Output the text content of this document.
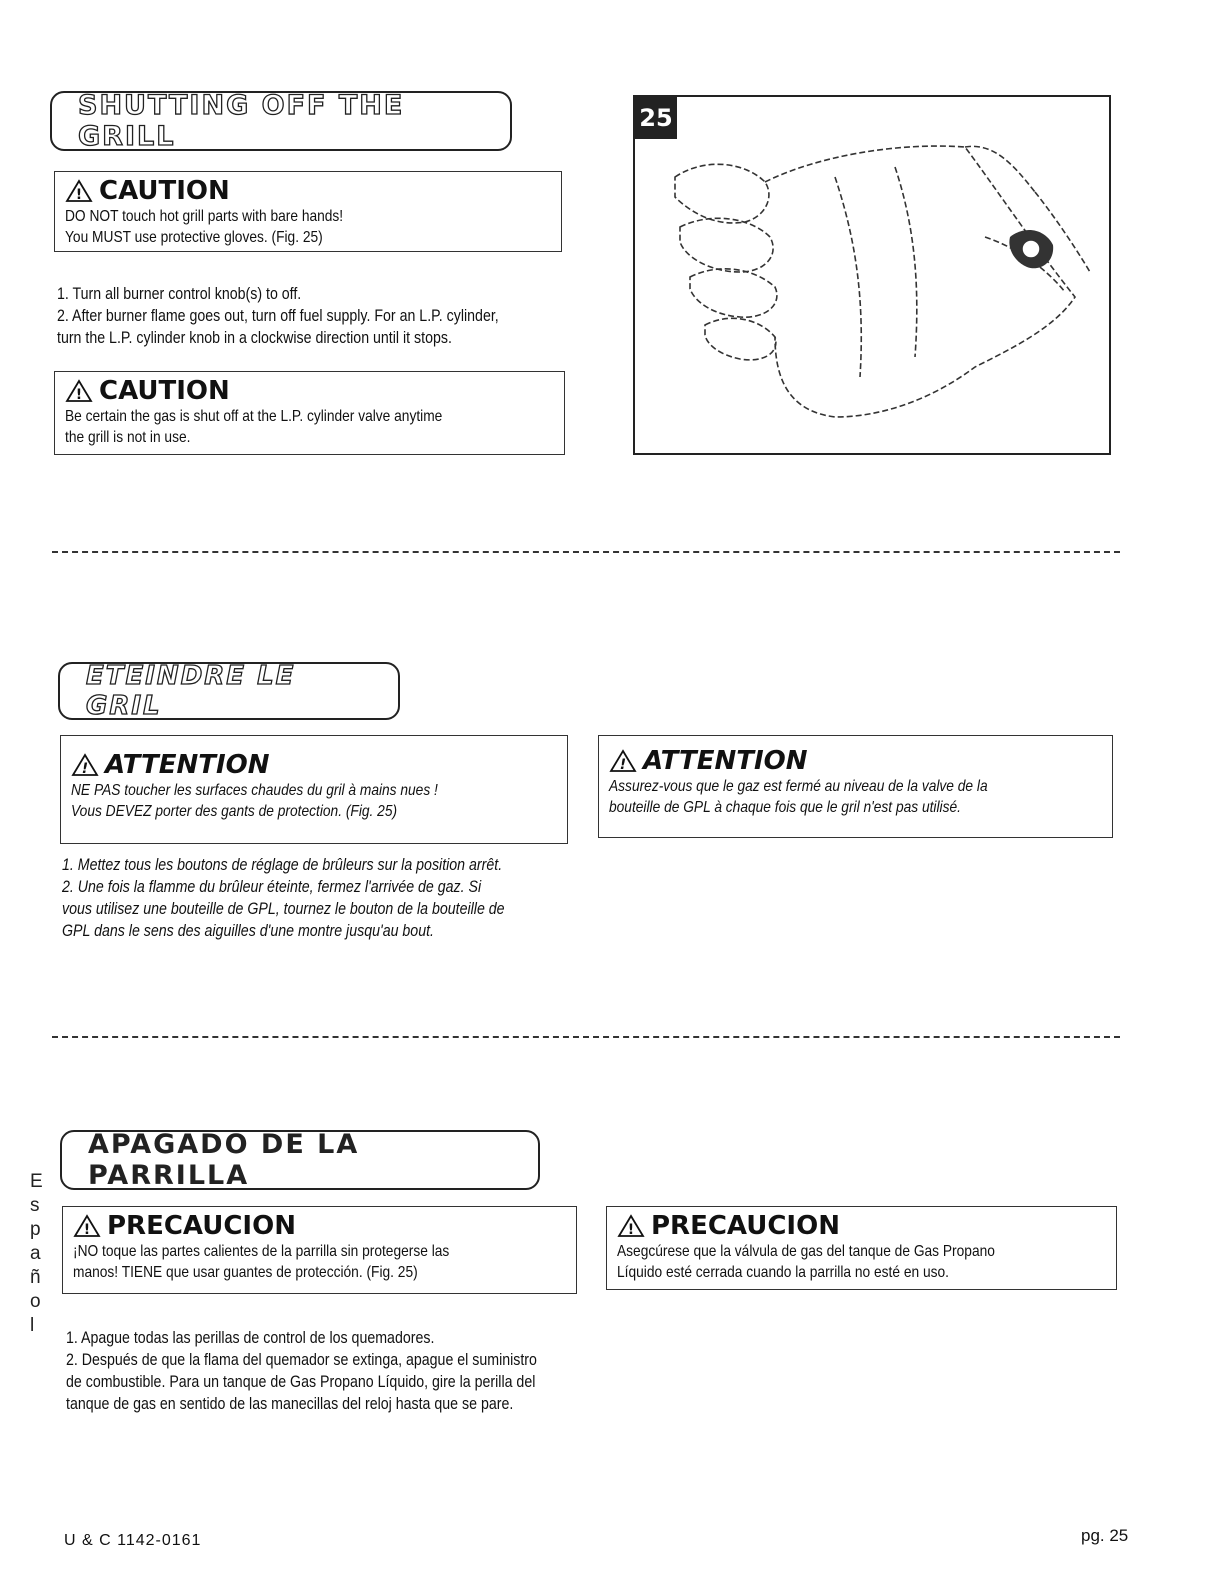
SHUTTING OFF THE GRILL
! CAUTION
DO NOT touch hot grill parts with bare hands!
You MUST use protective gloves. (Fig. 25)
1. Turn all burner control knob(s) to off.
2. After burner flame goes out, turn off fuel supply. For an L.P. cylinder,
turn the L.P. cylinder knob in a clockwise direction until it stops.
! CAUTION
Be certain the gas is shut off at the L.P. cylinder valve anytime
the grill is not in use.
25
ETEINDRE LE GRIL
! ATTENTION
NE PAS toucher les surfaces chaudes du gril à mains nues !
Vous DEVEZ porter des gants de protection. (Fig. 25)
1. Mettez tous les boutons de réglage de brûleurs sur la position arrêt.
2. Une fois la flamme du brûleur éteinte, fermez l'arrivée de gaz. Si
vous utilisez une bouteille de GPL, tournez le bouton de la bouteille de
GPL dans le sens des aiguilles d'une montre jusqu'au bout.
! ATTENTION
Assurez-vous que le gaz est fermé au niveau de la valve de la
bouteille de GPL à chaque fois que le gril n'est pas utilisé.
APAGADO DE LA PARRILLA
! PRECAUCION
¡NO toque las partes calientes de la parrilla sin protegerse las
manos! TIENE que usar guantes de protección. (Fig. 25)
1. Apague todas las perillas de control de los quemadores.
2. Después de que la flama del quemador se extinga, apague el suministro
de combustible. Para un tanque de Gas Propano Líquido, gire la perilla del
tanque de gas en sentido de las manecillas del reloj hasta que se pare.
! PRECAUCION
Asegcúrese que la válvula de gas del tanque de Gas Propano
Líquido esté cerrada cuando la parrilla no esté en uso.
E
s
p
a
ñ
o
l
U & C 1142-0161	pg. 25
